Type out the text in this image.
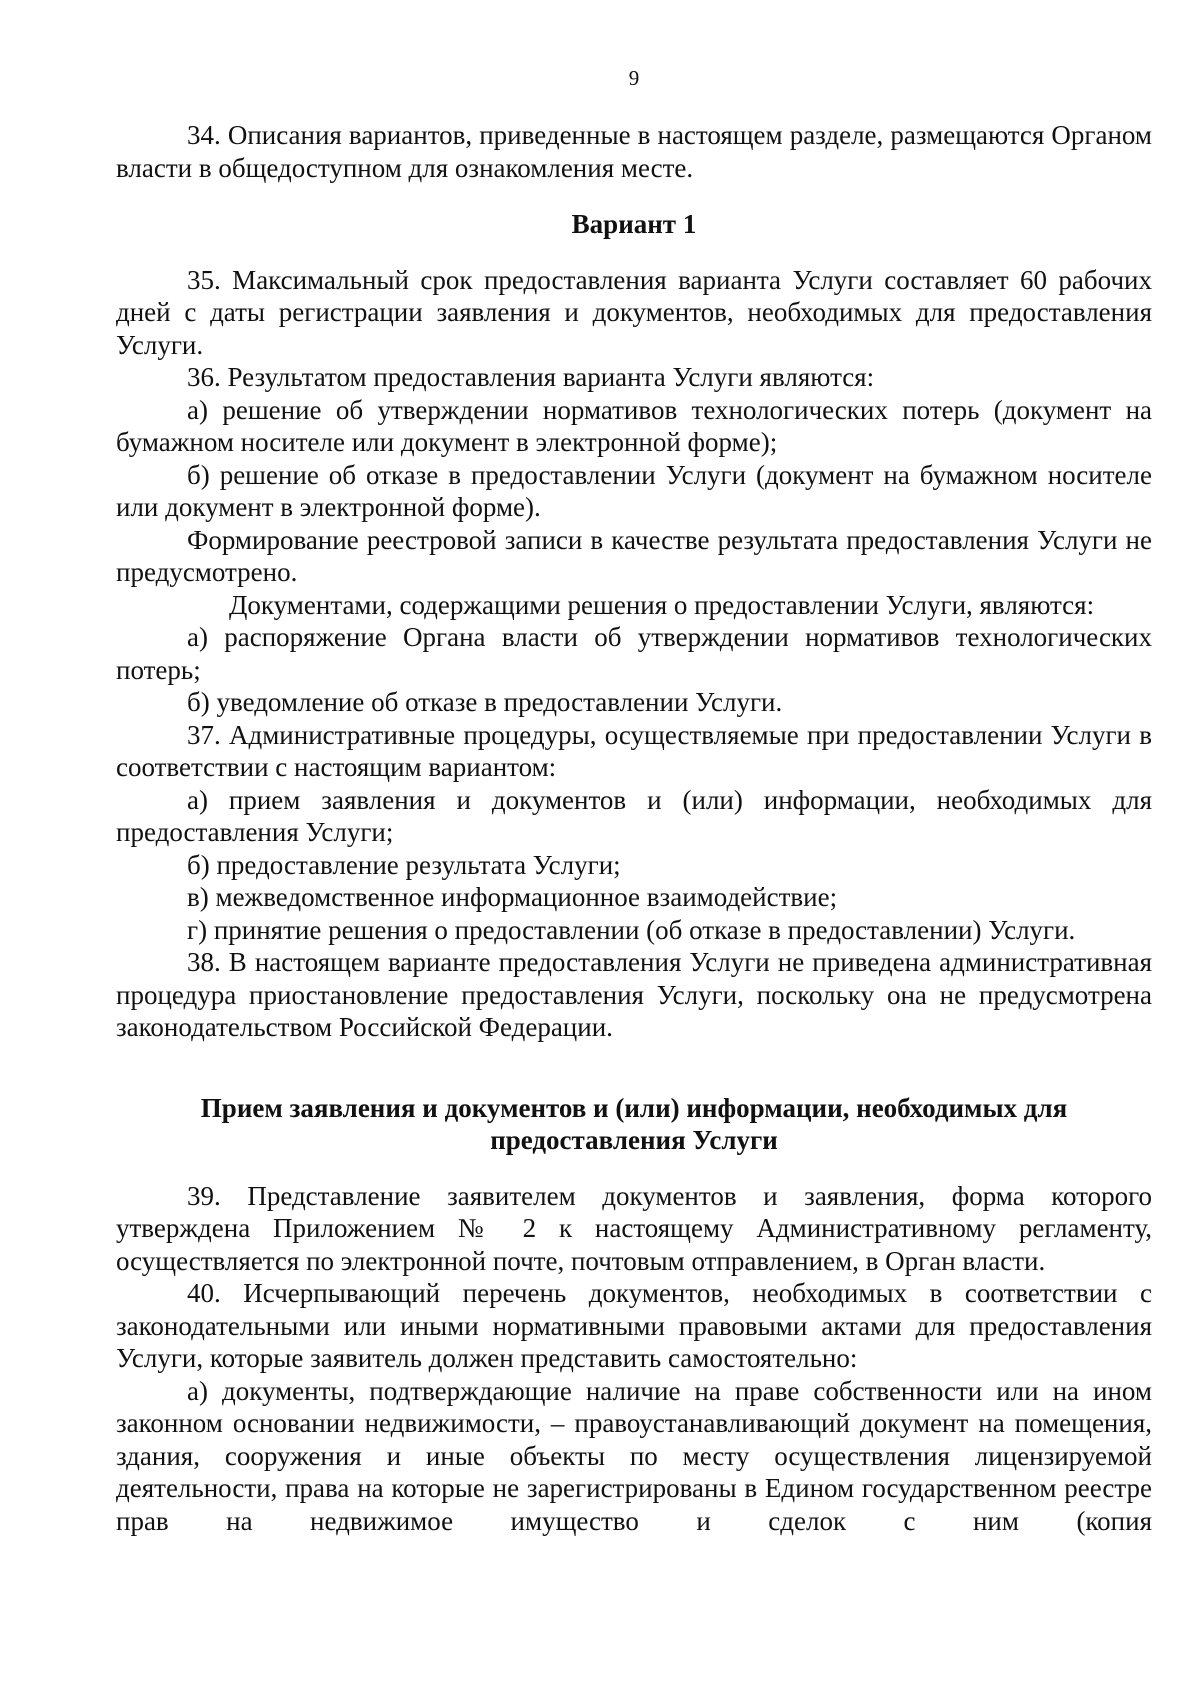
9

34. Описания вариантов, приведенные в настоящем разделе, размещаются Органом власти в общедоступном для ознакомления месте.

Вариант 1

35. Максимальный срок предоставления варианта Услуги составляет 60 рабочих дней с даты регистрации заявления и документов, необходимых для предоставления Услуги.

36. Результатом предоставления варианта Услуги являются:

а) решение об утверждении нормативов технологических потерь (документ на бумажном носителе или документ в электронной форме);

б) решение об отказе в предоставлении Услуги (документ на бумажном носителе или документ в электронной форме).

Формирование реестровой записи в качестве результата предоставления Услуги не предусмотрено.

Документами, содержащими решения о предоставлении Услуги, являются:

а) распоряжение Органа власти об утверждении нормативов технологических потерь;

б) уведомление об отказе в предоставлении Услуги.

37. Административные процедуры, осуществляемые при предоставлении Услуги в соответствии с настоящим вариантом:

а) прием заявления и документов и (или) информации, необходимых для предоставления Услуги;

б) предоставление результата Услуги;

в) межведомственное информационное взаимодействие;

г) принятие решения о предоставлении (об отказе в предоставлении) Услуги.

38. В настоящем варианте предоставления Услуги не приведена административная процедура приостановление предоставления Услуги, поскольку она не предусмотрена законодательством Российской Федерации.

Прием заявления и документов и (или) информации, необходимых для предоставления Услуги

39. Представление заявителем документов и заявления, форма которого утверждена Приложением № 2 к настоящему Административному регламенту, осуществляется по электронной почте, почтовым отправлением, в Орган власти.

40. Исчерпывающий перечень документов, необходимых в соответствии с законодательными или иными нормативными правовыми актами для предоставления Услуги, которые заявитель должен представить самостоятельно:

а) документы, подтверждающие наличие на праве собственности или на ином законном основании недвижимости, – правоустанавливающий документ на помещения, здания, сооружения и иные объекты по месту осуществления лицензируемой деятельности, права на которые не зарегистрированы в Едином государственном реестре прав на недвижимое имущество и сделок с ним (копия
